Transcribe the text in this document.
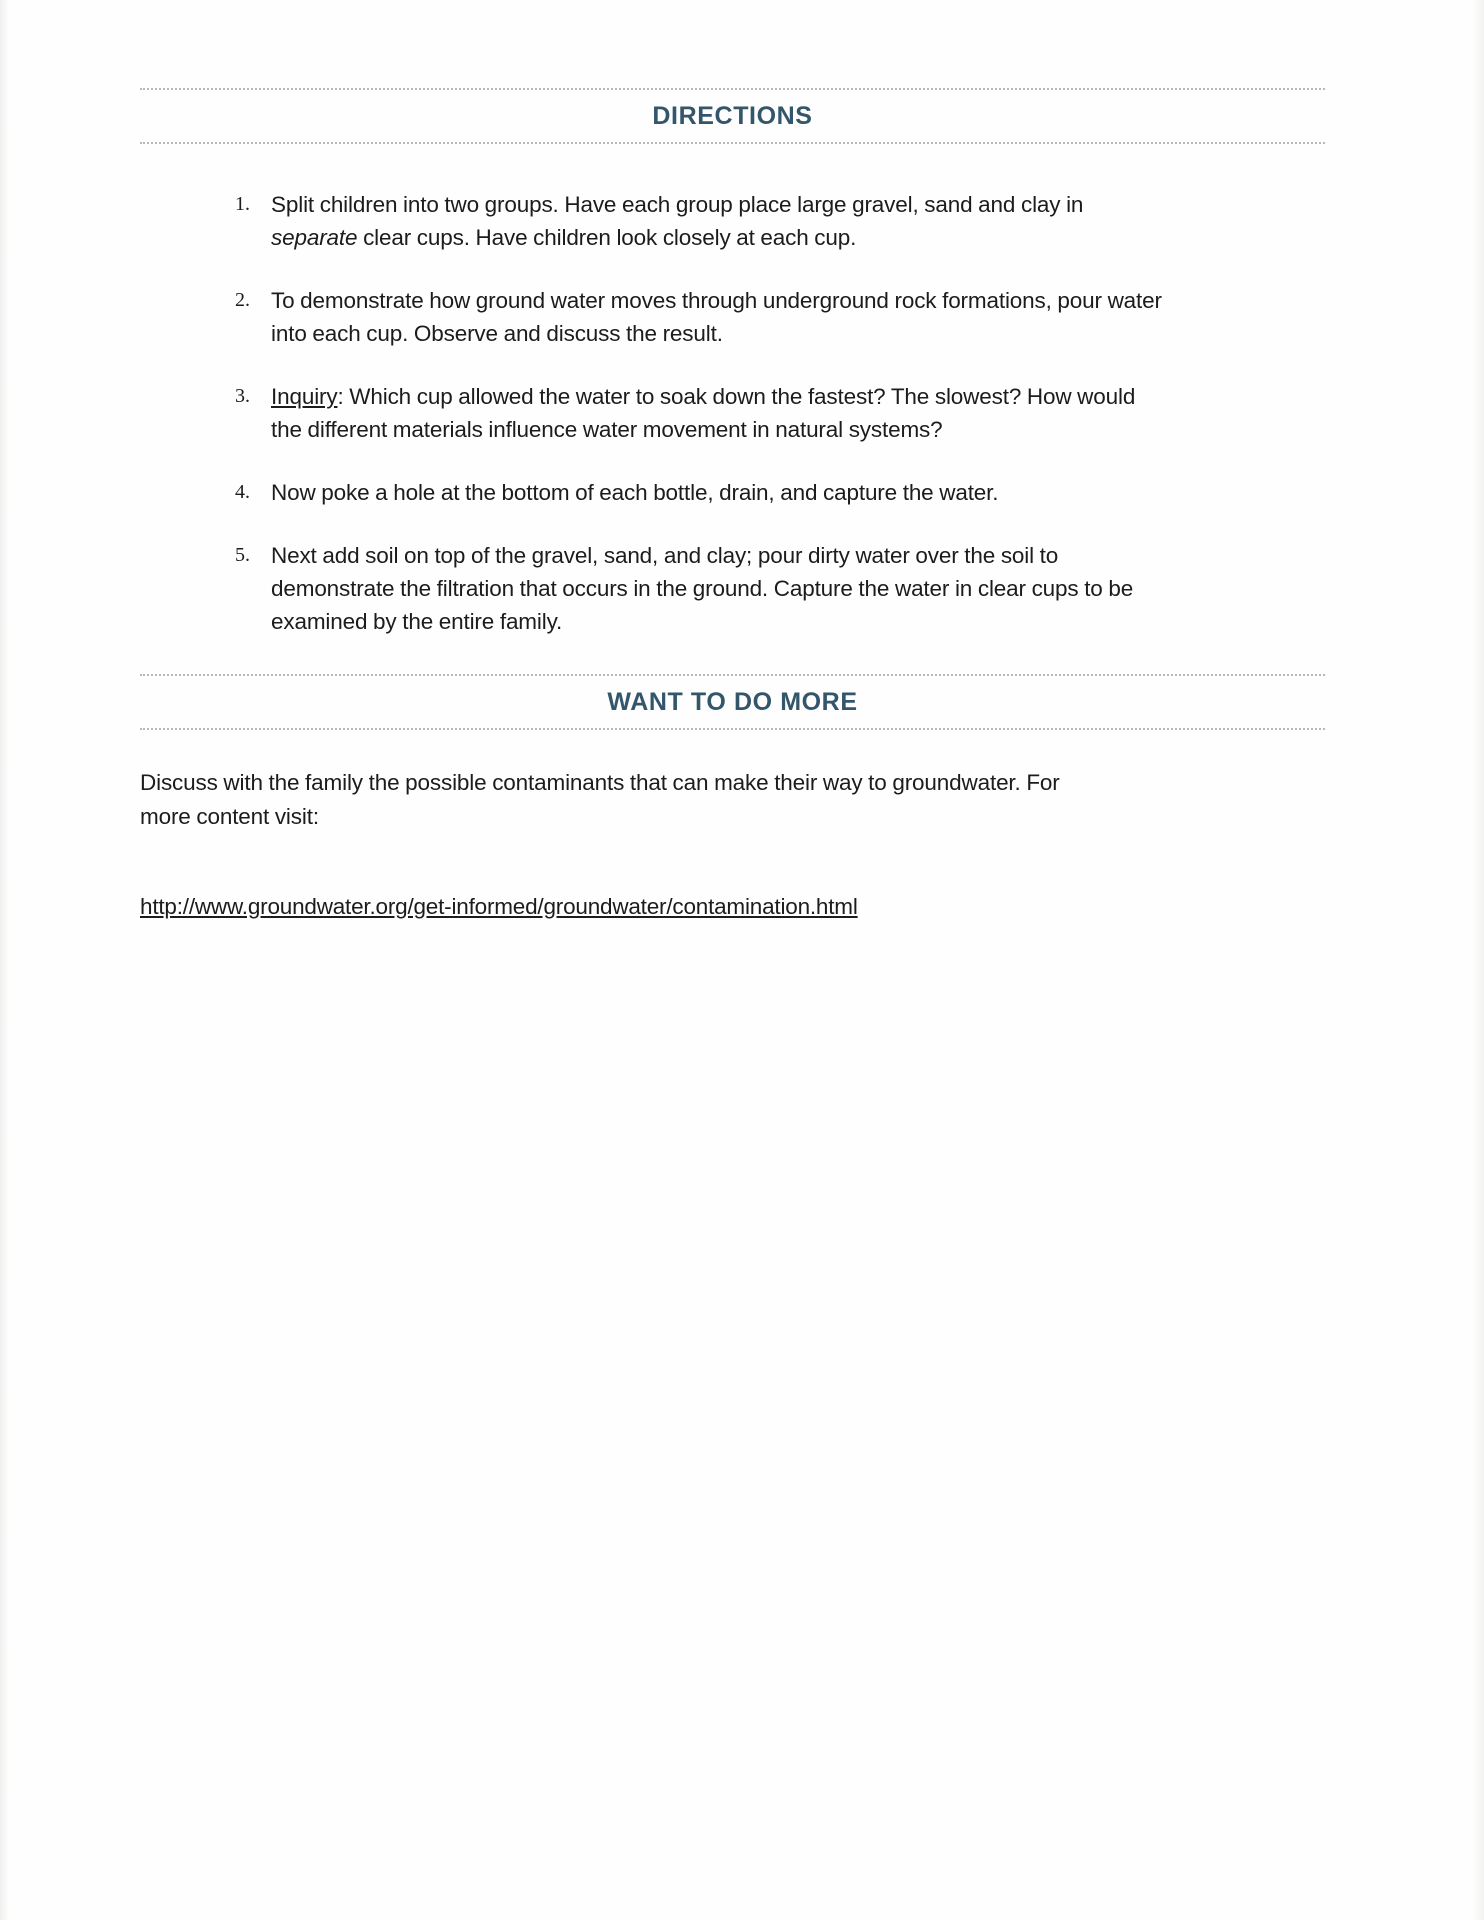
DIRECTIONS
1. Split children into two groups. Have each group place large gravel, sand and clay in separate clear cups. Have children look closely at each cup.
2. To demonstrate how ground water moves through underground rock formations, pour water into each cup. Observe and discuss the result.
3. Inquiry: Which cup allowed the water to soak down the fastest? The slowest? How would the different materials influence water movement in natural systems?
4. Now poke a hole at the bottom of each bottle, drain, and capture the water.
5. Next add soil on top of the gravel, sand, and clay; pour dirty water over the soil to demonstrate the filtration that occurs in the ground. Capture the water in clear cups to be examined by the entire family.
WANT TO DO MORE

Discuss with the family the possible contaminants that can make their way to groundwater. For more content visit:

http://www.groundwater.org/get-informed/groundwater/contamination.html
